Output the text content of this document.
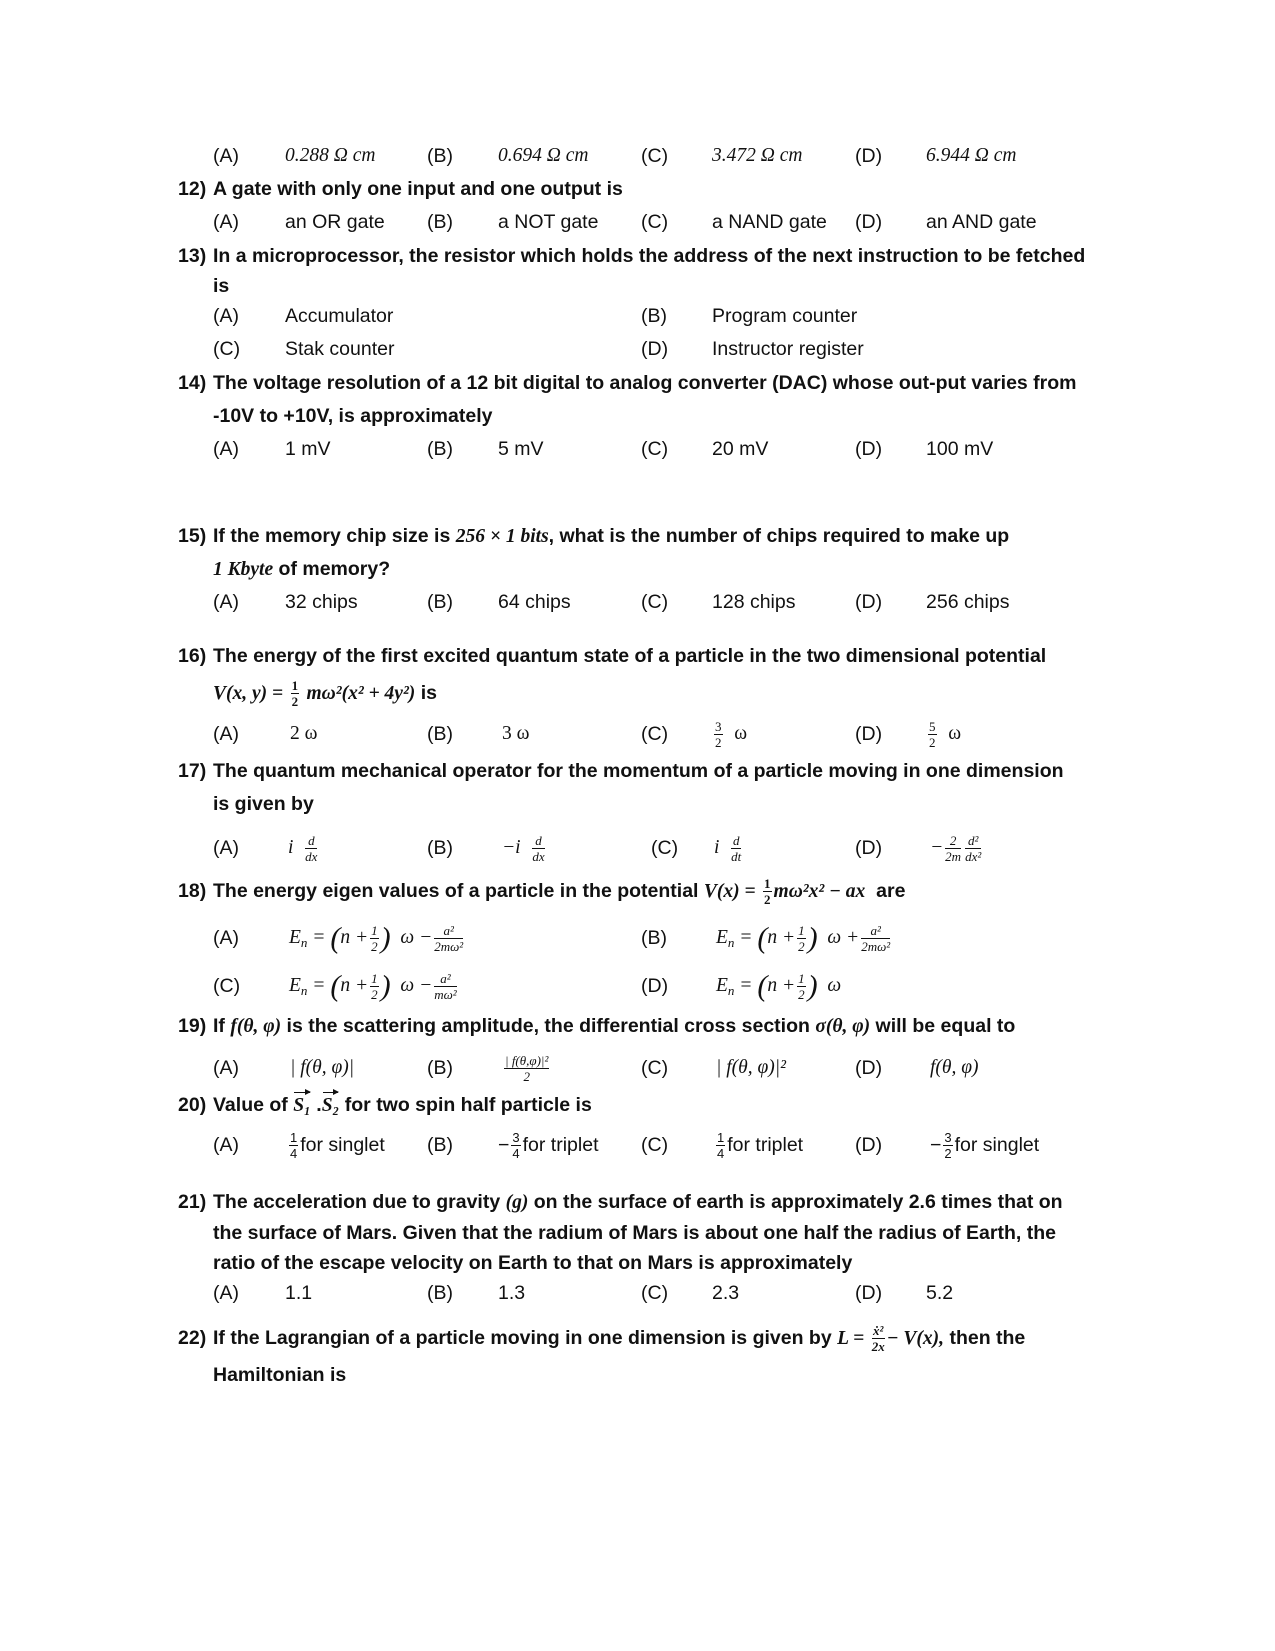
(A) 0.288 Ω cm	(B) 0.694 Ω cm	(C) 3.472 Ω cm	(D) 6.944 Ω cm
12) A gate with only one input and one output is
(A) an OR gate (B) a NOT gate (C) a NAND gate (D) an AND gate
13) In a microprocessor, the resistor which holds the address of the next instruction to be fetched
is
(A) Accumulator	(B) Program counter
(C) Stak counter	(D) Instructor register
14) The voltage resolution of a 12 bit digital to analog converter (DAC) whose out-put varies from
-10V to +10V, is approximately
(A) 1 mV	(B) 5 mV	(C) 20 mV	(D) 100 mV
15) If the memory chip size is 256 × 1 bits, what is the number of chips required to make up
1 Kbyte of memory?
(A) 32 chips	(B) 64 chips	(C) 128 chips	(D) 256 chips
16) The energy of the first excited quantum state of a particle in the two dimensional potential
V(x, $y) = \frac{1}{2} m\omega^2(x^2 + 4y^2)$ is
(A)	2 ω	(B)	3 ω	(C)	$\frac{3}{2}$ ω	(D)	$\frac{5}{2}$ ω
17) The quantum mechanical operator for the momentum of a particle moving in one dimension
is given by
(A)	i $\frac{d}{dx}$	(B)	$-i \frac{d}{dx}$	(C) i $\frac{d}{dt}$	$(D) - \frac{2}{2m} \frac{\text{d²}}{\text{dx²}}$
18) The energy eigen values of a particle in the potential $V(x) = \frac{1}{2} m\omega^2x^2$ − ax are
(A)	$E_n = (n + \frac{1}{2}$ ) $\omega - \frac{\text{a²}}{\text{2mω²}}$	(B)	$E_n = (n + \frac{1}{2}$ ) $\omega + \frac{\text{a²}}{\text{2mω²}}$
(C)	$E_n = (n + \frac{1}{2}$ ) $\omega - \frac{\text{a²}}{\text{mω²}}$	(D) $E_n = (n + \frac{1}{2}$ ) ω
19) If f(θ, φ) is the scattering amplitude, the differential cross section σ(θ, φ) will be equal to
(A)	| f(θ, φ)|	(B)	$\frac{\text{| f(θ,φ)|²}}{2}$	(C) | f(θ, φ)|²	(D) f(θ, φ)
20) Value of S₁ .S₂ for two spin half particle is
(A)	$\frac{1}{4}$ for singlet $(B) - \frac{3}{4}$ for triplet (C)	$\frac{1}{4}$ for triplet	$(D) - \frac{3}{2}$ for singlet
21) The acceleration due to gravity (g) on the surface of earth is approximately 2.6 times that on
the surface of Mars. Given that the radium of Mars is about one half the radius of Earth, the
ratio of the escape velocity on Earth to that on Mars is approximately
(A) 1.1	(B) 1.3	(C) 2.3	(D) 5.2
22) If the Lagrangian of a particle moving in one dimension is given by $L = \frac{\text{ẋ²}}{2x} - V(x)$, then the
Hamiltonian is
